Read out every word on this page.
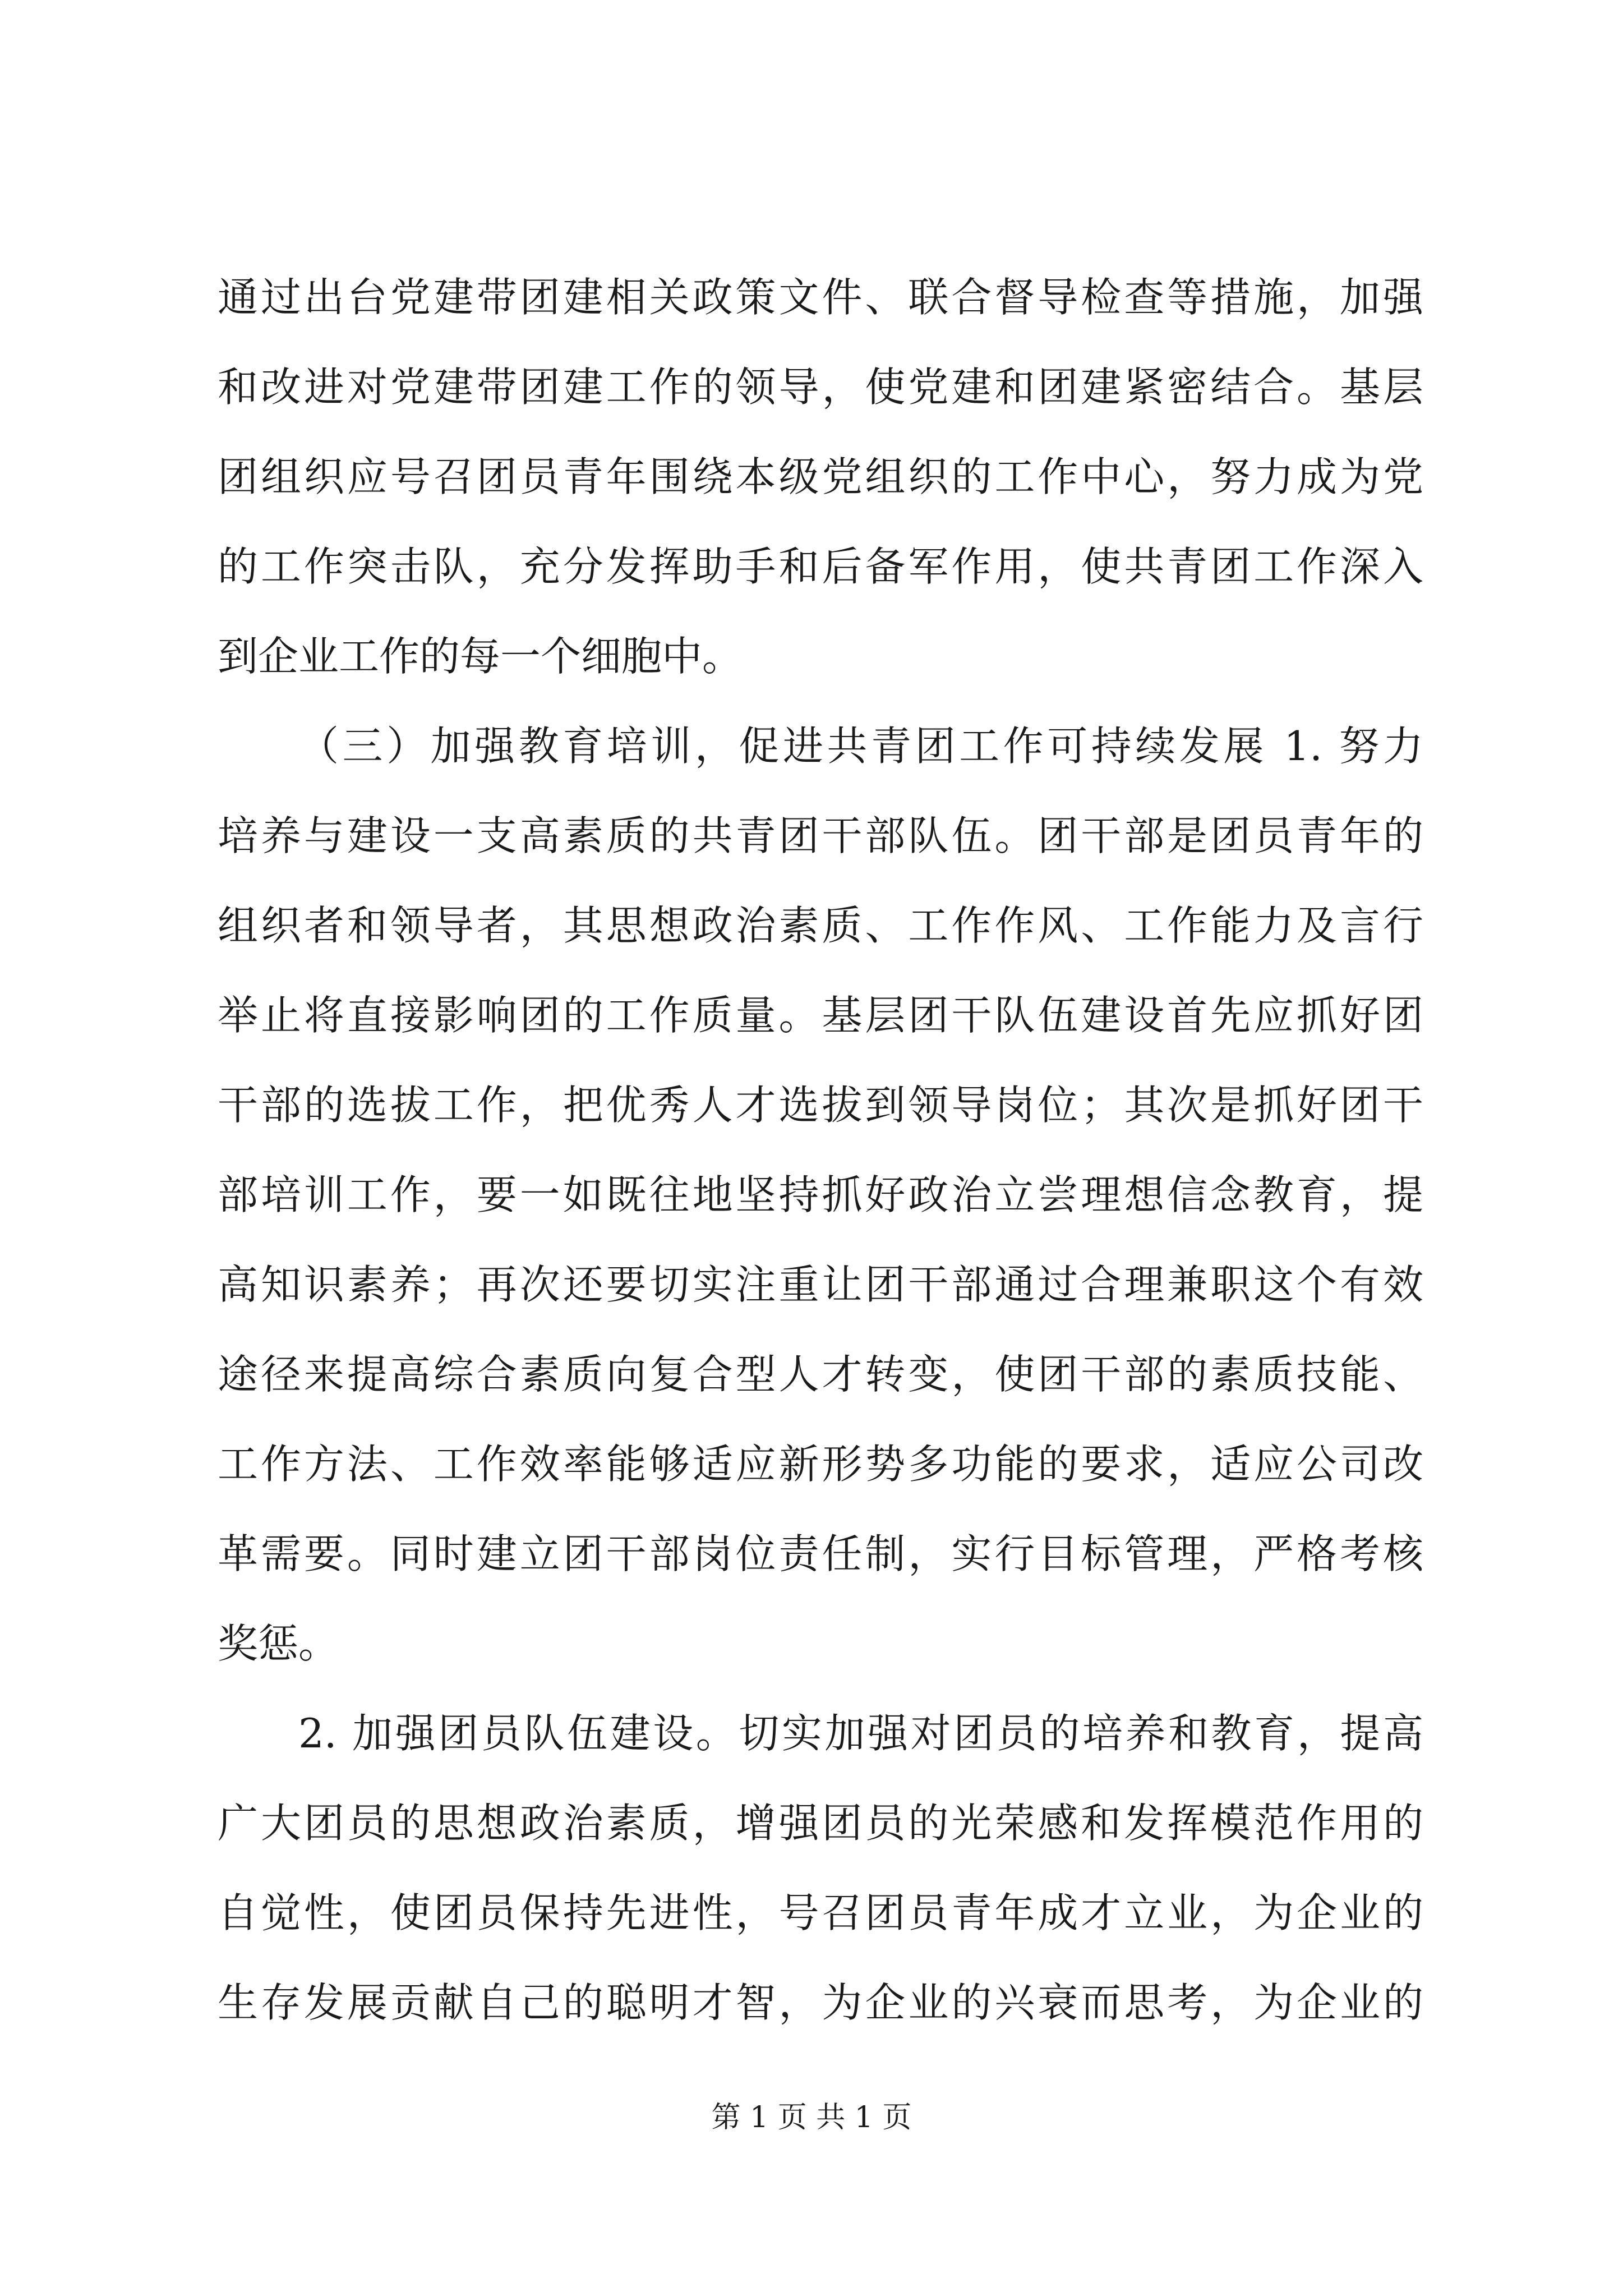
通过出台党建带团建相关政策文件、联合督导检查等措施，加强
和改进对党建带团建工作的领导，使党建和团建紧密结合。基层
团组织应号召团员青年围绕本级党组织的工作中心，努力成为党
的工作突击队，充分发挥助手和后备军作用，使共青团工作深入
到企业工作的每一个细胞中。
（三）加强教育培训，促进共青团工作可持续发展 1. 努力
培养与建设一支高素质的共青团干部队伍。团干部是团员青年的
组织者和领导者，其思想政治素质、工作作风、工作能力及言行
举止将直接影响团的工作质量。基层团干队伍建设首先应抓好团
干部的选拔工作，把优秀人才选拔到领导岗位；其次是抓好团干
部培训工作，要一如既往地坚持抓好政治立尝理想信念教育，提
高知识素养；再次还要切实注重让团干部通过合理兼职这个有效
途径来提高综合素质向复合型人才转变，使团干部的素质技能、
工作方法、工作效率能够适应新形势多功能的要求，适应公司改
革需要。同时建立团干部岗位责任制，实行目标管理，严格考核
奖惩。
2. 加强团员队伍建设。切实加强对团员的培养和教育，提高
广大团员的思想政治素质，增强团员的光荣感和发挥模范作用的
自觉性，使团员保持先进性，号召团员青年成才立业，为企业的
生存发展贡献自己的聪明才智，为企业的兴衰而思考，为企业的
第 1 页 共 1 页
